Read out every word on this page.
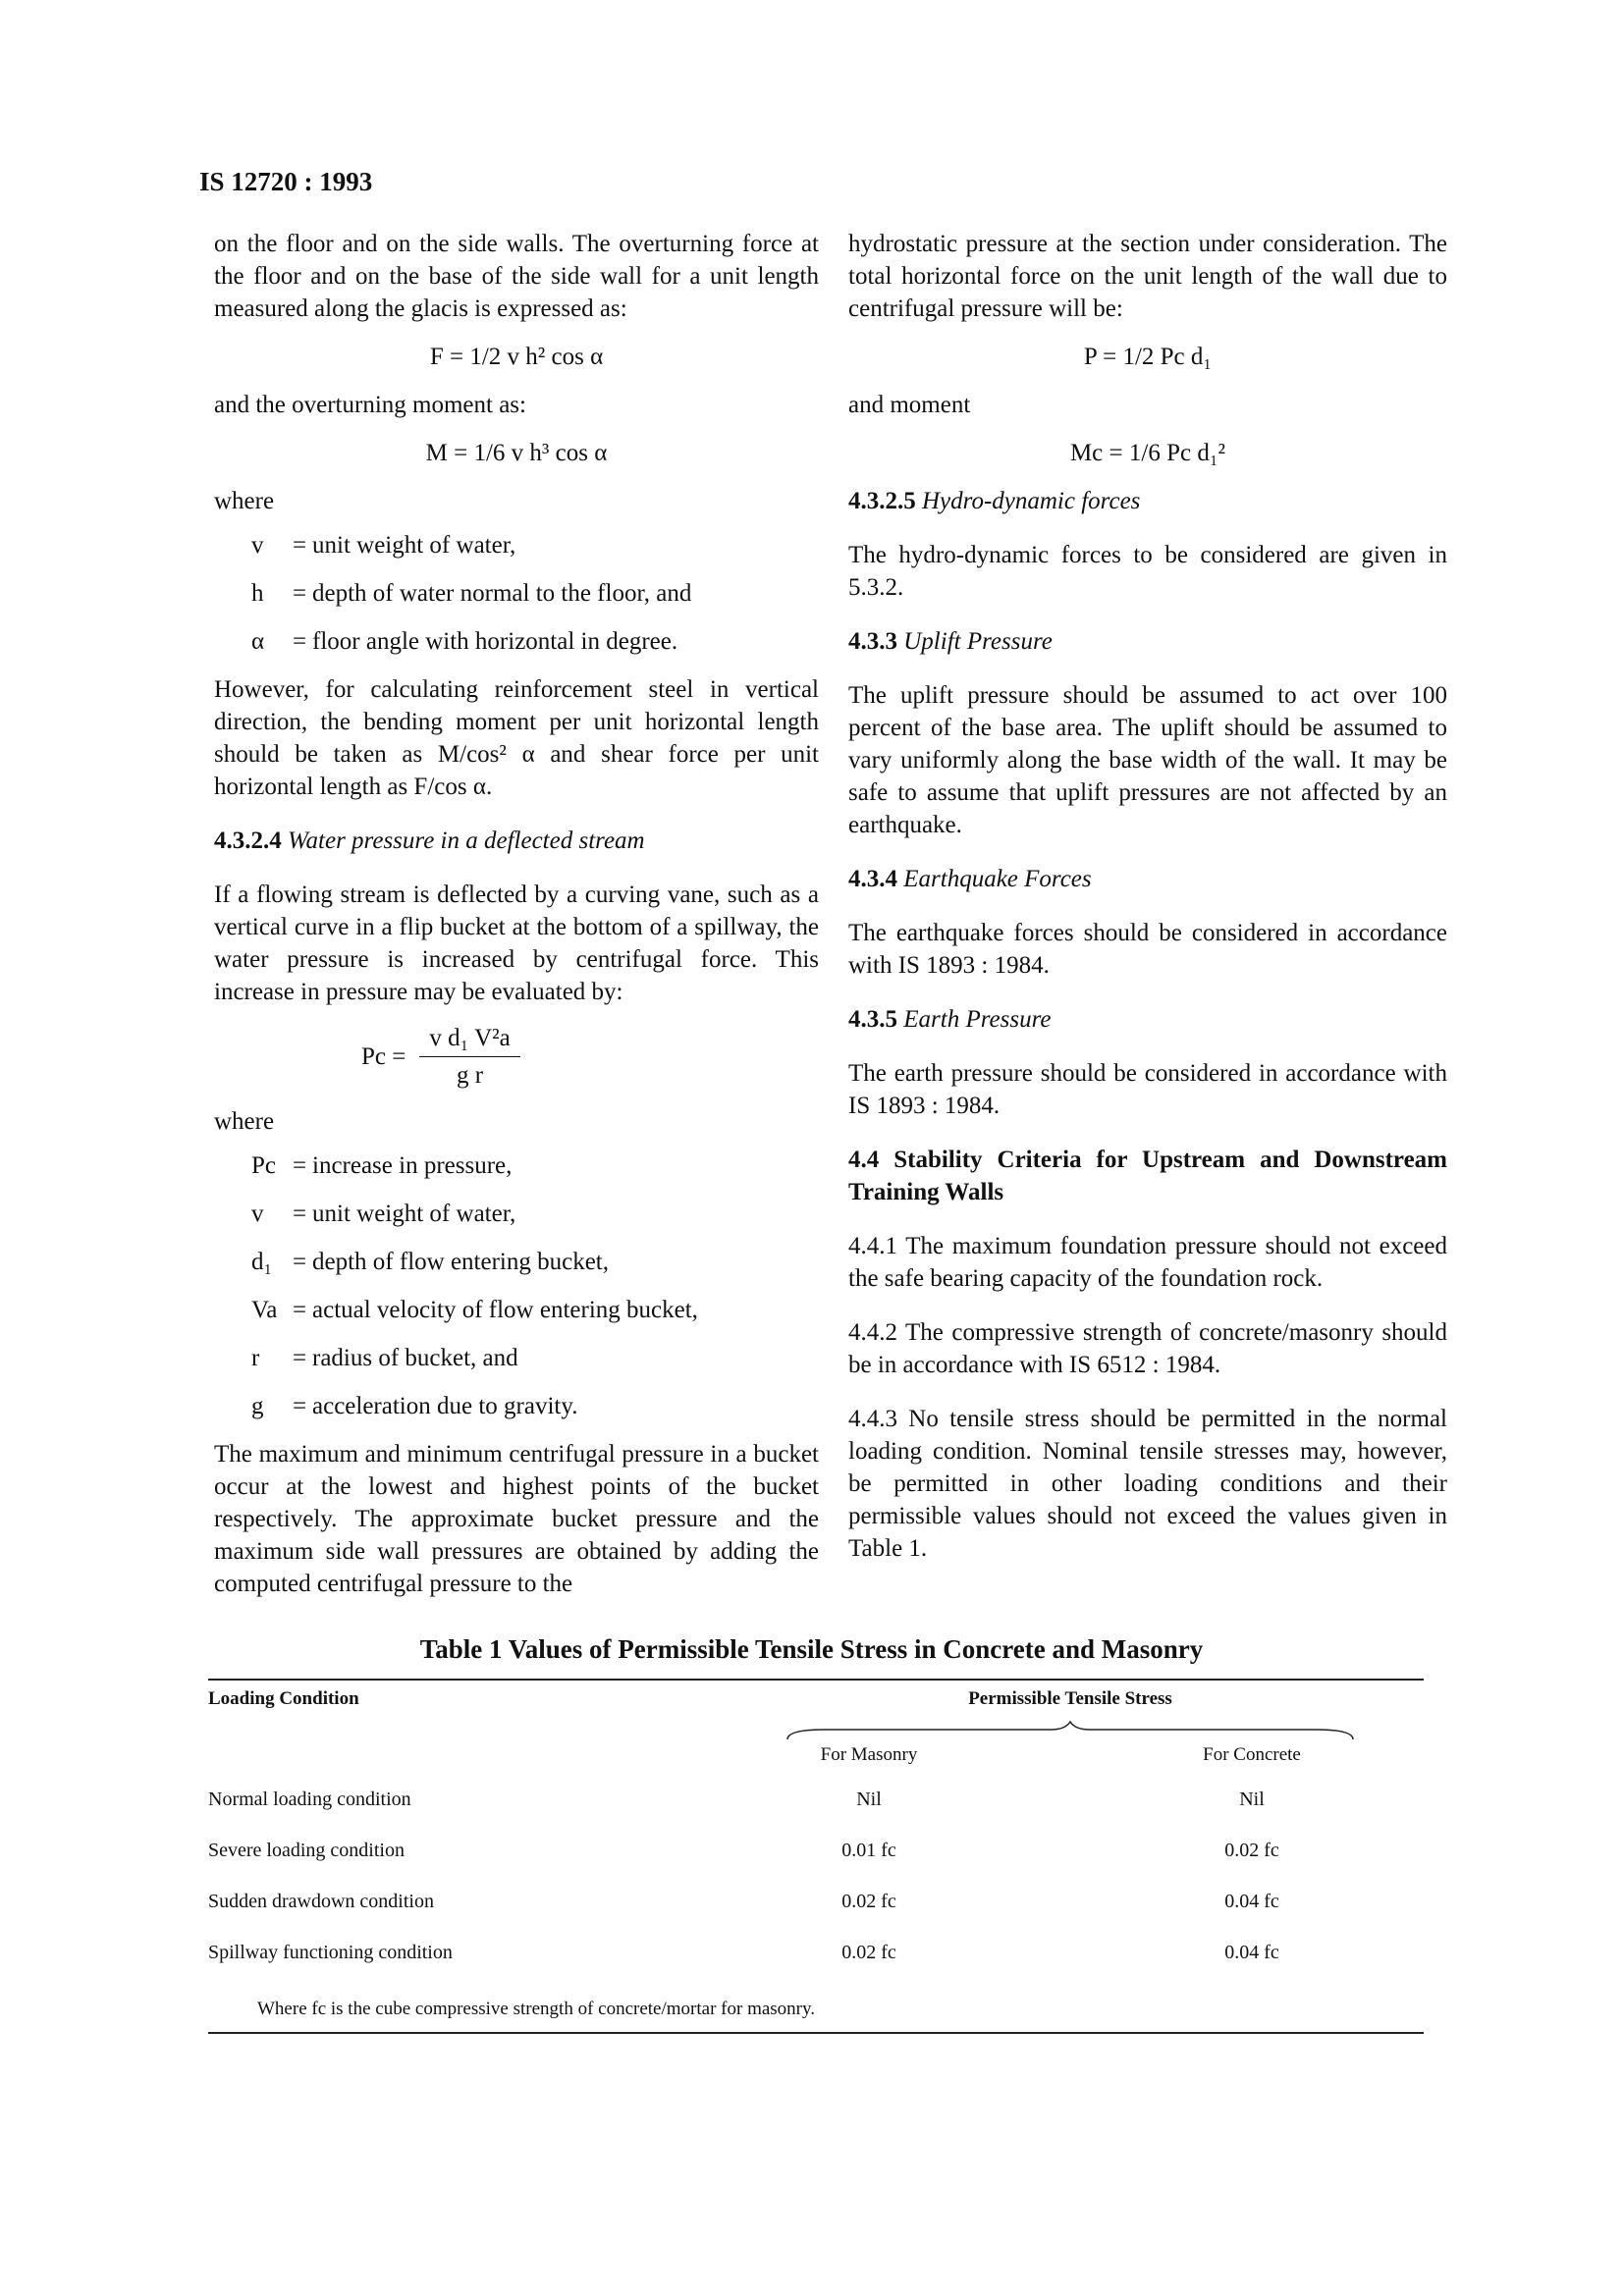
IS 12720 : 1993

on the floor and on the side walls. The overturning force at the floor and on the base of the side wall for a unit length measured along the glacis is expressed as:

F = 1/2 v h² cos α

and the overturning moment as:

M = 1/6 v h³ cos α
where
v	= unit weight of water,
h	= depth of water normal to the floor, and
α	= floor angle with horizontal in degree.

However, for calculating reinforcement steel in vertical direction, the bending moment per unit horizontal length should be taken as M/cos² α and shear force per unit horizontal length as F/cos α.

4.3.2.4 Water pressure in a deflected stream

If a flowing stream is deflected by a curving vane, such as a vertical curve in a flip bucket at the bottom of a spillway, the water pressure is increased by centrifugal force. This increase in pressure may be evaluated by:

$Pc = \frac{\text{v d₁ V²a}}{\text{g r}}$
where
Pc = increase in pressure,
v	= unit weight of water,
d₁ = depth of flow entering bucket,
Va = actual velocity of flow entering bucket,
r	= radius of bucket, and
g	= acceleration due to gravity.

The maximum and minimum centrifugal pressure in a bucket occur at the lowest and highest points of the bucket respectively. The approximate bucket pressure and the maximum side wall pressures are obtained by adding the computed centrifugal pressure to the

hydrostatic pressure at the section under consideration. The total horizontal force on the unit length of the wall due to centrifugal pressure will be:

P = 1/2 Pc d₁

and moment

Mc = 1/6 Pc d₁²

4.3.2.5 Hydro-dynamic forces

The hydro-dynamic forces to be considered are given in 5.3.2.

4.3.3 Uplift Pressure

The uplift pressure should be assumed to act over 100 percent of the base area. The uplift should be assumed to vary uniformly along the base width of the wall. It may be safe to assume that uplift pressures are not affected by an earthquake.

4.3.4 Earthquake Forces

The earthquake forces should be considered in accordance with IS 1893 : 1984.

4.3.5 Earth Pressure

The earth pressure should be considered in accordance with IS 1893 : 1984.

4.4 Stability Criteria for Upstream and Downstream Training Walls

4.4.1 The maximum foundation pressure should not exceed the safe bearing capacity of the foundation rock.

4.4.2 The compressive strength of concrete/masonry should be in accordance with IS 6512 : 1984.

4.4.3 No tensile stress should be permitted in the normal loading condition. Nominal tensile stresses may, however, be permitted in other loading conditions and their permissible values should not exceed the values given in Table 1.

Table 1 Values of Permissible Tensile Stress in Concrete and Masonry
Loading Condition	Permissible Tensile Stress
For Masonry	For Concrete
Normal loading condition	Nil	Nil
Severe loading condition	0.01 fc	0.02 fc
Sudden drawdown condition	0.02 fc	0.04 fc
Spillway functioning condition	0.02 fc	0.04 fc
Where fc is the cube compressive strength of concrete/mortar for masonry.
